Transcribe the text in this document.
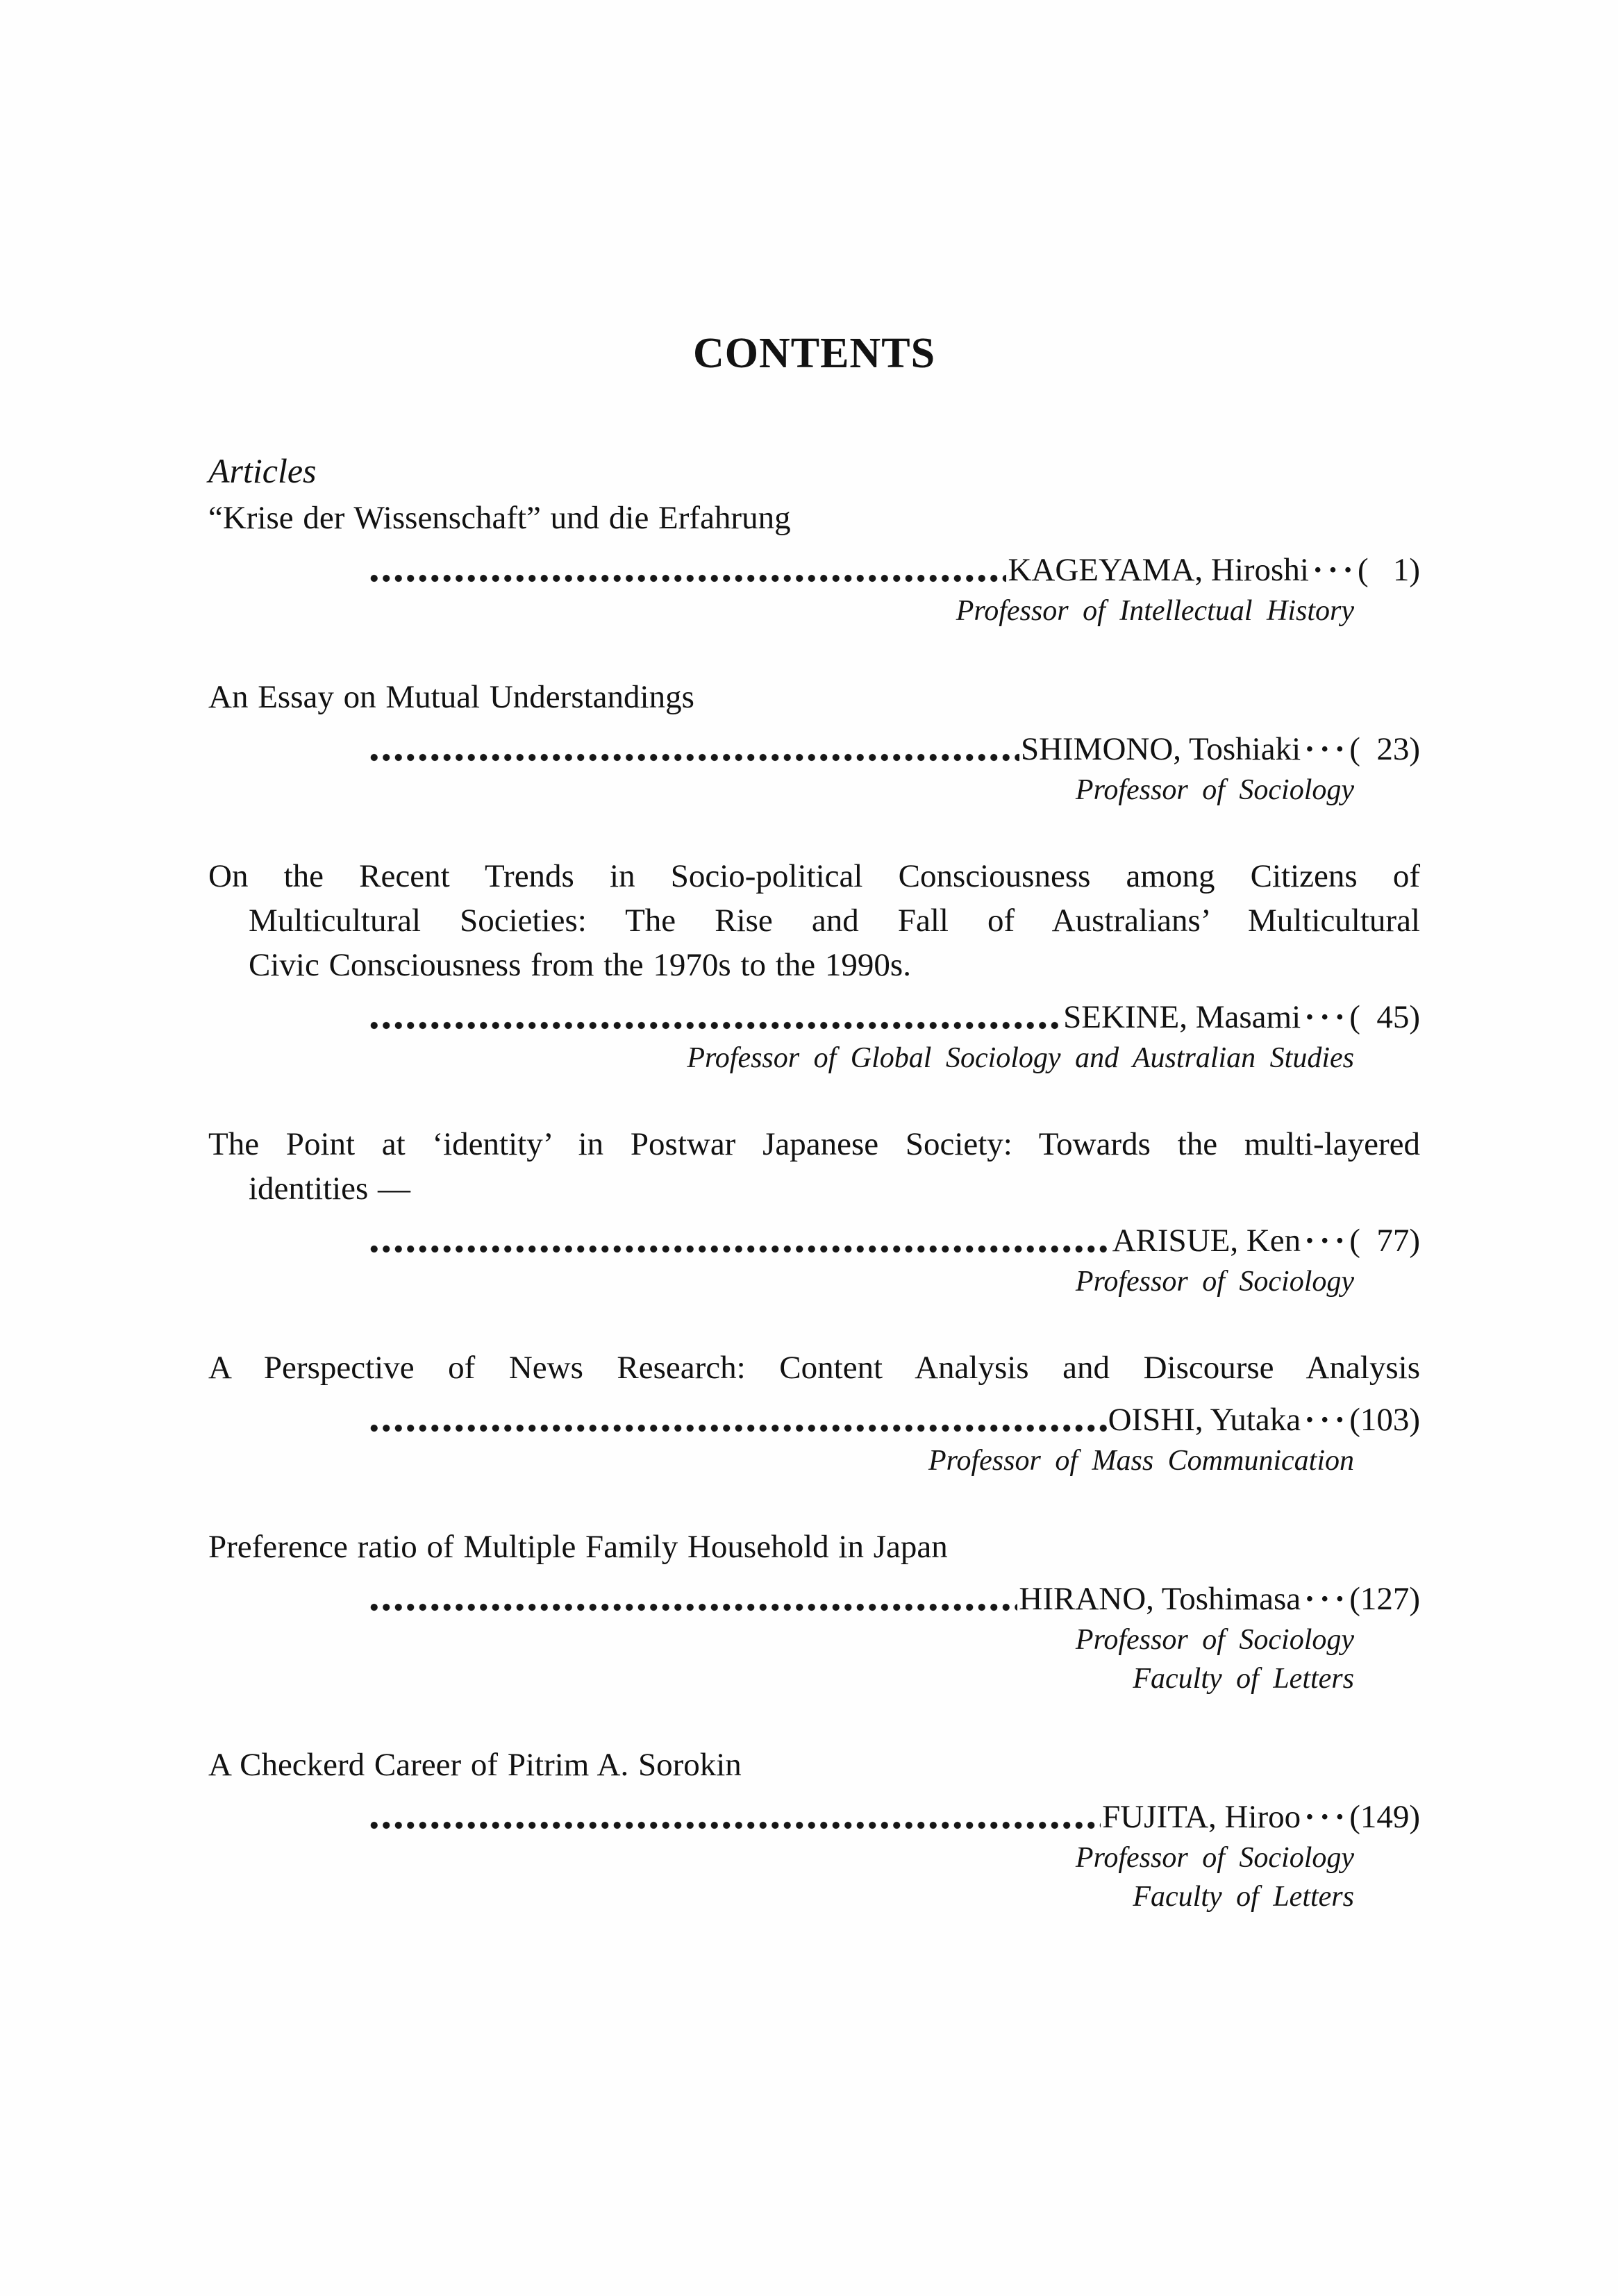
CONTENTS
Articles
“Krise der Wissenschaft” und die Erfahrung
KAGEYAMA, Hiroshi ··· (   1)
Professor of Intellectual History
An Essay on Mutual Understandings
SHIMONO, Toshiaki ··· (  23)
Professor of Sociology
On the Recent Trends in Socio-political Consciousness among Citizens of
Multicultural Societies: The Rise and Fall of Australians’ Multicultural
Civic Consciousness from the 1970s to the 1990s.
SEKINE, Masami ··· (  45)
Professor of Global Sociology and Australian Studies
The Point at ‘identity’ in Postwar Japanese Society: Towards the multi-layered
identities —
ARISUE, Ken ··· (  77)
Professor of Sociology
A Perspective of News Research: Content Analysis and Discourse Analysis
OISHI, Yutaka ··· (103)
Professor of Mass Communication
Preference ratio of Multiple Family Household in Japan
HIRANO, Toshimasa ··· (127)
Professor of Sociology
Faculty of Letters
A Checkerd Career of Pitrim A. Sorokin
FUJITA, Hiroo ··· (149)
Professor of Sociology
Faculty of Letters
